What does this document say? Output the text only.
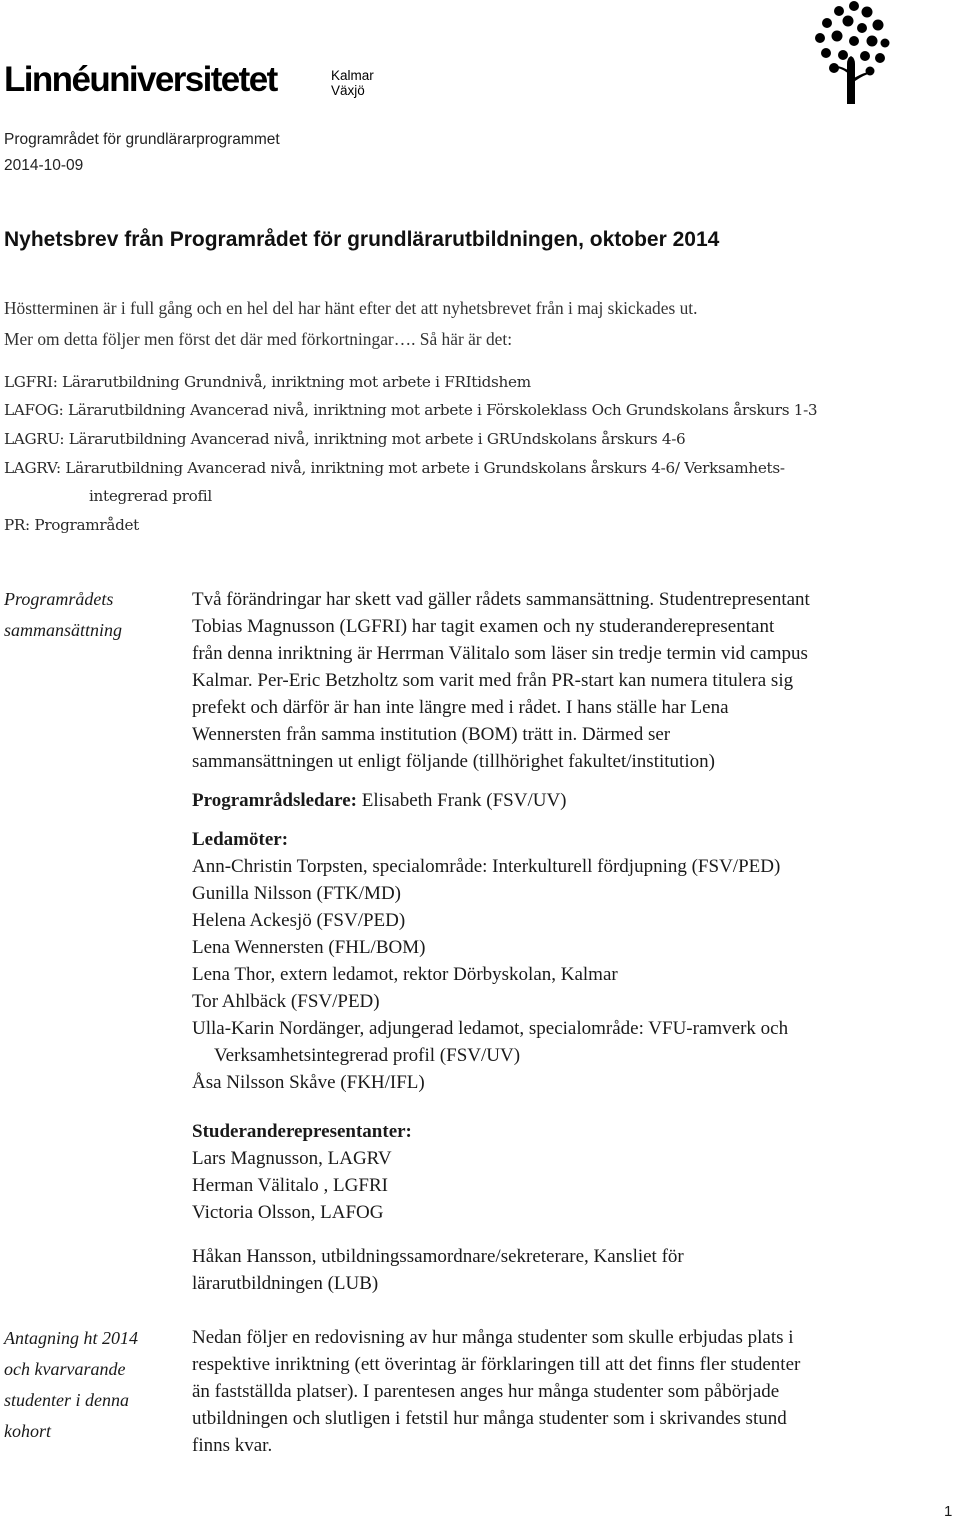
Linnéuniversitetet	Kalmar
Växjö
Programrådet för grundlärarprogrammet
2014-10-09
Nyhetsbrev från Programrådet för grundlärarutbildningen, oktober 2014
Höstterminen är i full gång och en hel del har hänt efter det att nyhetsbrevet från i maj skickades ut.
Mer om detta följer men först det där med förkortningar…. Så här är det:
LGFRI: Lärarutbildning Grundnivå, inriktning mot arbete i FRItidshem
LAFOG: Lärarutbildning Avancerad nivå, inriktning mot arbete i Förskoleklass Och Grundskolans årskurs 1-3
LAGRU: Lärarutbildning Avancerad nivå, inriktning mot arbete i GRUndskolans årskurs 4-6
LAGRV: Lärarutbildning Avancerad nivå, inriktning mot arbete i Grundskolans årskurs 4-6/ Verksamhets-
integrerad profil
PR: Programrådet
Programrådets
sammansättning
Två förändringar har skett vad gäller rådets sammansättning. Studentrepresentant
Tobias Magnusson (LGFRI) har tagit examen och ny studeranderepresentant
från denna inriktning är Herrman Välitalo som läser sin tredje termin vid campus
Kalmar. Per-Eric Betzholtz som varit med från PR-start kan numera titulera sig
prefekt och därför är han inte längre med i rådet. I hans ställe har Lena
Wennersten från samma institution (BOM) trätt in. Därmed ser
sammansättningen ut enligt följande (tillhörighet fakultet/institution)
Programrådsledare: Elisabeth Frank (FSV/UV)
Ledamöter:
Ann-Christin Torpsten, specialområde: Interkulturell fördjupning (FSV/PED)
Gunilla Nilsson (FTK/MD)
Helena Ackesjö (FSV/PED)
Lena Wennersten (FHL/BOM)
Lena Thor, extern ledamot, rektor Dörbyskolan, Kalmar
Tor Ahlbäck (FSV/PED)
Ulla-Karin Nordänger, adjungerad ledamot, specialområde: VFU-ramverk och
Verksamhetsintegrerad profil (FSV/UV)
Åsa Nilsson Skåve (FKH/IFL)
Studeranderepresentanter:
Lars Magnusson, LAGRV
Herman Välitalo , LGFRI
Victoria Olsson, LAFOG
Håkan Hansson, utbildningssamordnare/sekreterare, Kansliet för
lärarutbildningen (LUB)
Antagning ht 2014
och kvarvarande
studenter i denna
kohort
Nedan följer en redovisning av hur många studenter som skulle erbjudas plats i
respektive inriktning (ett överintag är förklaringen till att det finns fler studenter
än fastställda platser). I parentesen anges hur många studenter som påbörjade
utbildningen och slutligen i fetstil hur många studenter som i skrivandes stund
finns kvar.
1
